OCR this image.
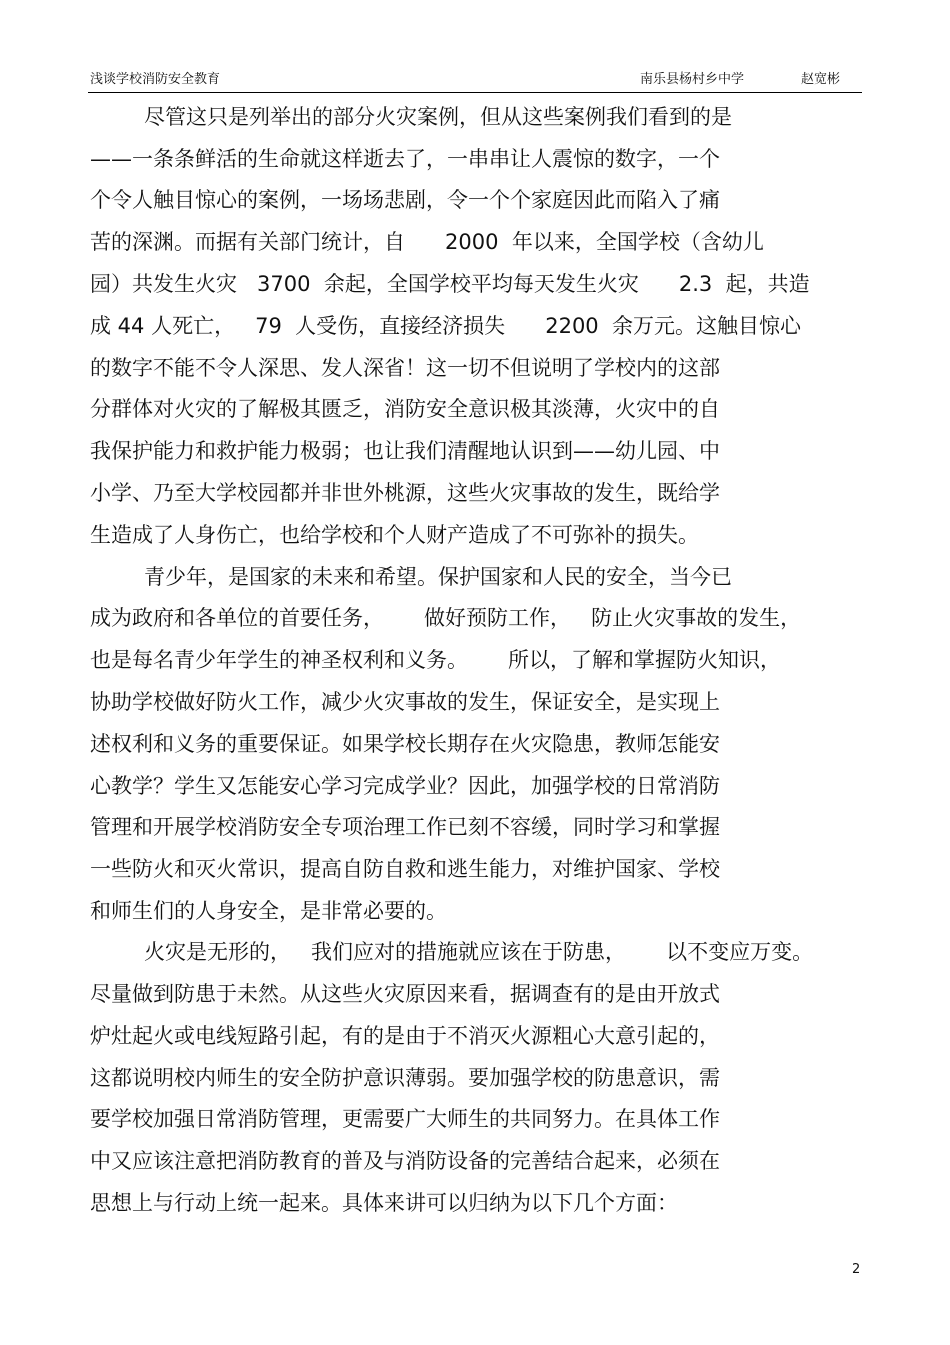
浅谈学校消防安全教育	南乐县杨村乡中学	赵宽彬
尽管这只是列举出的部分火灾案例，但从这些案例我们看到的是
——一条条鲜活的生命就这样逝去了，一串串让人震惊的数字，一个
个令人触目惊心的案例，一场场悲剧，令一个个家庭因此而陷入了痛
苦的深渊。而据有关部门统计，自      2000  年以来，全国学校（含幼儿
园）共发生火灾   3700  余起，全国学校平均每天发生火灾      2.3  起，共造
成 44 人死亡，   79  人受伤，直接经济损失      2200  余万元。这触目惊心
的数字不能不令人深思、发人深省！这一切不但说明了学校内的这部
分群体对火灾的了解极其匮乏，消防安全意识极其淡薄，火灾中的自
我保护能力和救护能力极弱；也让我们清醒地认识到——幼儿园、中
小学、乃至大学校园都并非世外桃源，这些火灾事故的发生，既给学
生造成了人身伤亡，也给学校和个人财产造成了不可弥补的损失。
青少年，是国家的未来和希望。保护国家和人民的安全，当今已
成为政府和各单位的首要任务，      做好预防工作，   防止火灾事故的发生，
也是每名青少年学生的神圣权利和义务。      所以，了解和掌握防火知识，
协助学校做好防火工作，减少火灾事故的发生，保证安全，是实现上
述权利和义务的重要保证。如果学校长期存在火灾隐患，教师怎能安
心教学？学生又怎能安心学习完成学业？因此，加强学校的日常消防
管理和开展学校消防安全专项治理工作已刻不容缓，同时学习和掌握
一些防火和灭火常识，提高自防自救和逃生能力，对维护国家、学校
和师生们的人身安全，是非常必要的。
火灾是无形的，   我们应对的措施就应该在于防患，      以不变应万变。
尽量做到防患于未然。从这些火灾原因来看，据调查有的是由开放式
炉灶起火或电线短路引起，有的是由于不消灭火源粗心大意引起的，
这都说明校内师生的安全防护意识薄弱。要加强学校的防患意识，需
要学校加强日常消防管理，更需要广大师生的共同努力。在具体工作
中又应该注意把消防教育的普及与消防设备的完善结合起来，必须在
思想上与行动上统一起来。具体来讲可以归纳为以下几个方面：
2
